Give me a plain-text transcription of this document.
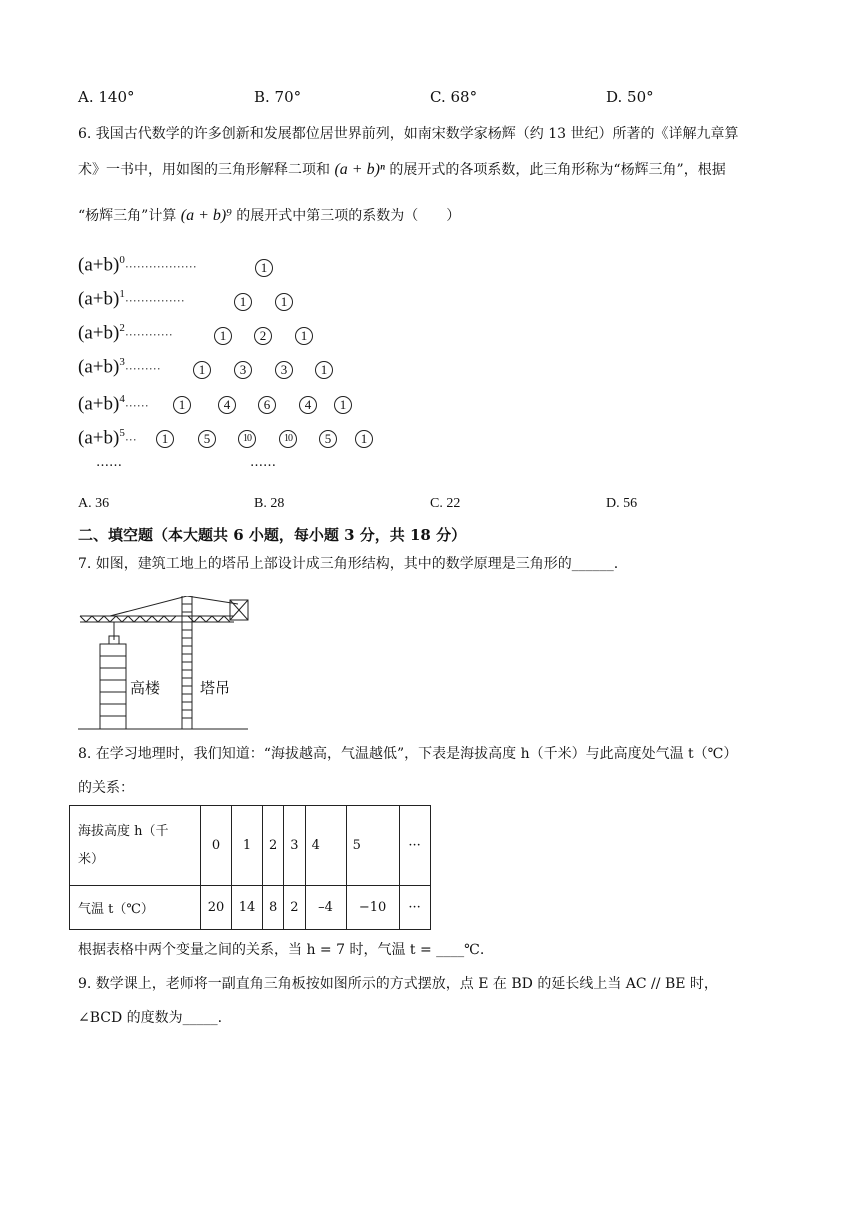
A. 140°	B. 70°	C. 68°	D. 50°
6. 我国古代数学的许多创新和发展都位居世界前列，如南宋数学家杨辉（约 13 世纪）所著的《详解九章算
术》一书中，用如图的三角形解释二项和 (a + b)ⁿ 的展开式的各项系数，此三角形称为“杨辉三角”，根据
“杨辉三角”计算 (a + b)⁹ 的展开式中第三项的系数为（　　）
$(a+b)^0\cdot\cdot\cdot\cdot\cdot\cdot\cdot\cdot\cdot\cdot\cdot\cdot\cdot\cdot\cdot\cdot\cdot\cdot$	1
$(a+b)^1\cdot\cdot\cdot\cdot\cdot\cdot\cdot\cdot\cdot\cdot\cdot\cdot\cdot\cdot\cdot$	1	1
$(a+b)^2\cdot\cdot\cdot\cdot\cdot\cdot\cdot\cdot\cdot\cdot\cdot\cdot$	1	2	1
$(a+b)^3\cdot\cdot\cdot\cdot\cdot\cdot\cdot\cdot\cdot$	1	3	3	1
$(a+b)^4\cdot\cdot\cdot\cdot\cdot\cdot$	1	4	6	4	1
$(a+b)^5\cdot\cdot\cdot$	1	5	10	10	5	1
……	……
A. 36	B. 28	C. 22	D. 56
二、填空题（本大题共 6 小题，每小题 3 分，共 18 分）
7. 如图，建筑工地上的塔吊上部设计成三角形结构，其中的数学原理是三角形的______.
高楼	塔吊
8. 在学习地理时，我们知道：“海拔越高，气温越低”，下表是海拔高度 h（千米）与此高度处气温 t（℃）
的关系：
海拔高度 h（千
米）	0	1	2	3	4	5	···
气温 t（℃）	20	14	8	2	–4	−10	···
根据表格中两个变量之间的关系，当 h = 7 时，气温 t = ____℃.
9. 数学课上，老师将一副直角三角板按如图所示的方式摆放，点 E 在 BD 的延长线上当 AC // BE 时，
∠BCD 的度数为_____.
